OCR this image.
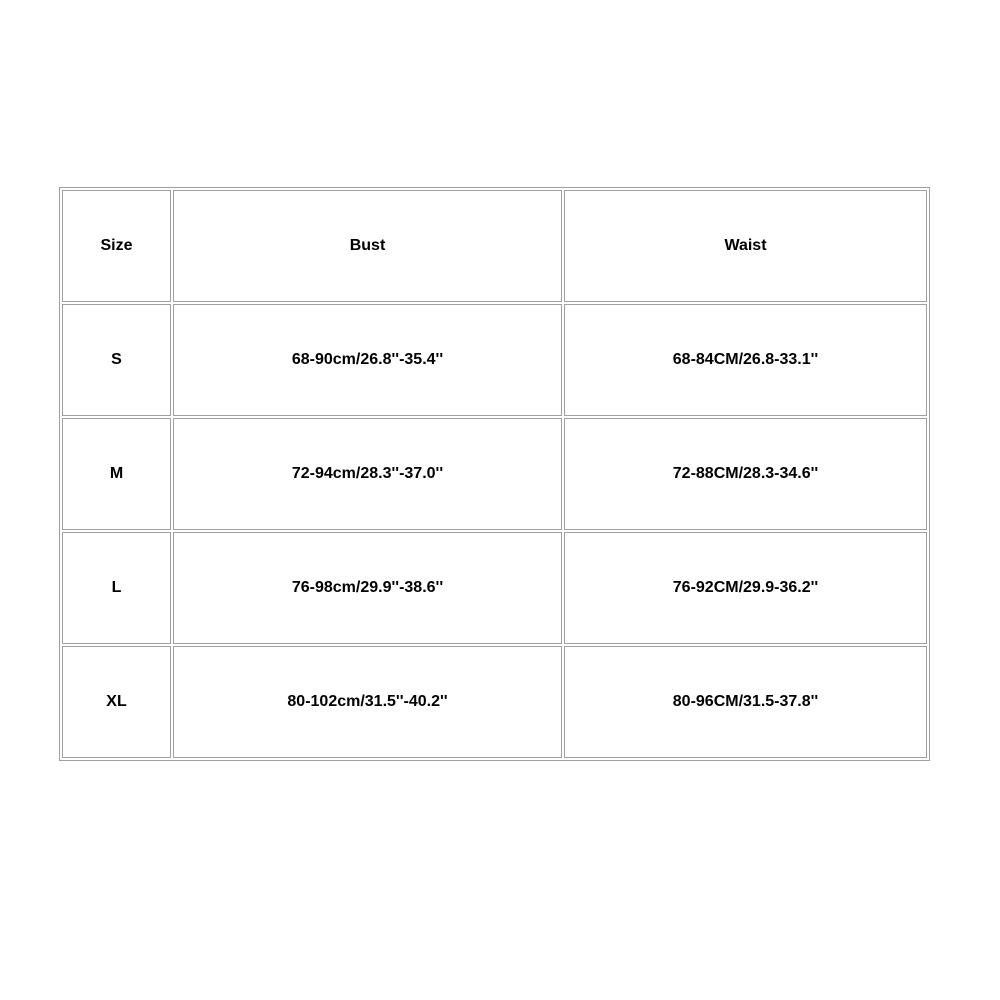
Size	Bust	Waist
S	68-90cm/26.8''-35.4''	68-84CM/26.8-33.1''
M	72-94cm/28.3''-37.0''	72-88CM/28.3-34.6''
L	76-98cm/29.9''-38.6''	76-92CM/29.9-36.2''
XL	80-102cm/31.5''-40.2''	80-96CM/31.5-37.8''
